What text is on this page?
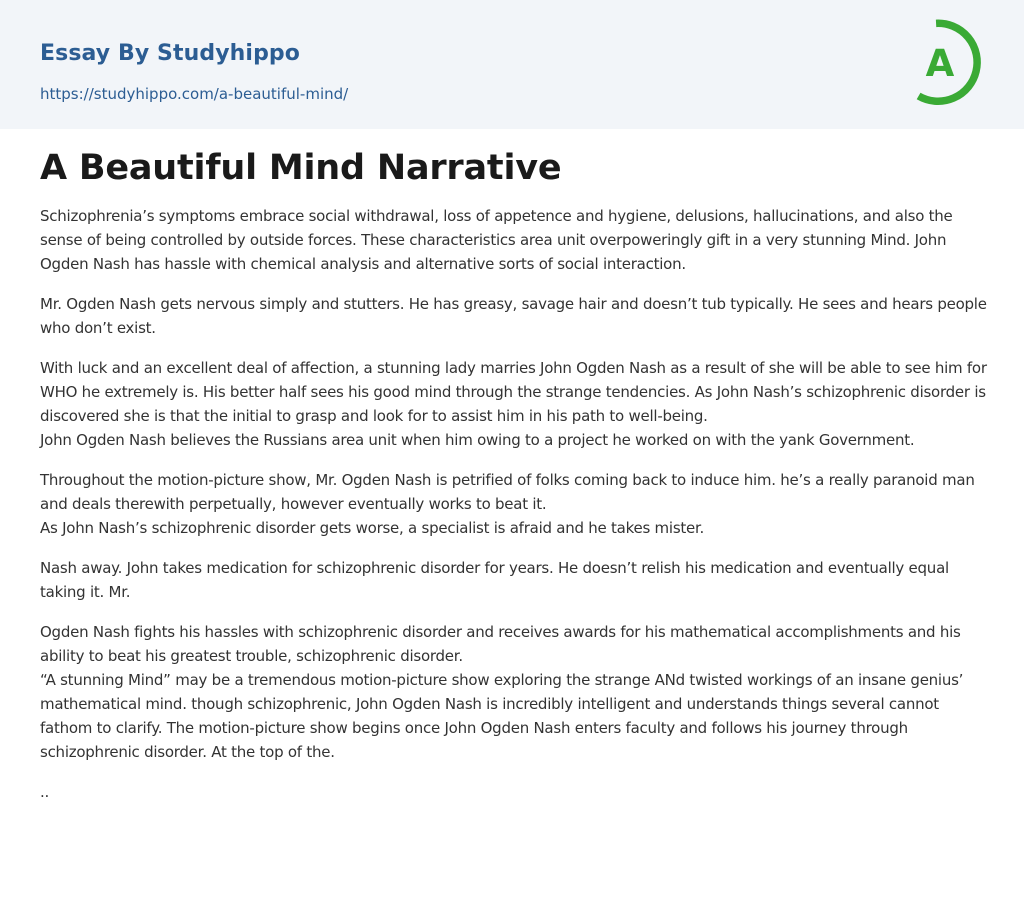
Essay By Studyhippo
https://studyhippo.com/a-beautiful-mind/
A
A Beautiful Mind Narrative

Schizophrenia’s symptoms embrace social withdrawal, loss of appetence and hygiene, delusions, hallucinations, and also the sense of being controlled by outside forces. These characteristics area unit overpoweringly gift in a very stunning Mind. John Ogden Nash has hassle with chemical analysis and alternative sorts of social interaction.

Mr. Ogden Nash gets nervous simply and stutters. He has greasy, savage hair and doesn’t tub typically. He sees and hears people who don’t exist.

With luck and an excellent deal of affection, a stunning lady marries John Ogden Nash as a result of she will be able to see him for WHO he extremely is. His better half sees his good mind through the strange tendencies. As John Nash’s schizophrenic disorder is discovered she is that the initial to grasp and look for to assist him in his path to well-being.
John Ogden Nash believes the Russians area unit when him owing to a project he worked on with the yank Government.

Throughout the motion-picture show, Mr. Ogden Nash is petrified of folks coming back to induce him. he’s a really paranoid man and deals therewith perpetually, however eventually works to beat it.
As John Nash’s schizophrenic disorder gets worse, a specialist is afraid and he takes mister.

Nash away. John takes medication for schizophrenic disorder for years. He doesn’t relish his medication and eventually equal taking it. Mr.

Ogden Nash fights his hassles with schizophrenic disorder and receives awards for his mathematical accomplishments and his ability to beat his greatest trouble, schizophrenic disorder.
“A stunning Mind” may be a tremendous motion-picture show exploring the strange ANd twisted workings of an insane genius’ mathematical mind. though schizophrenic, John Ogden Nash is incredibly intelligent and understands things several cannot fathom to clarify. The motion-picture show begins once John Ogden Nash enters faculty and follows his journey through schizophrenic disorder. At the top of the.

..
